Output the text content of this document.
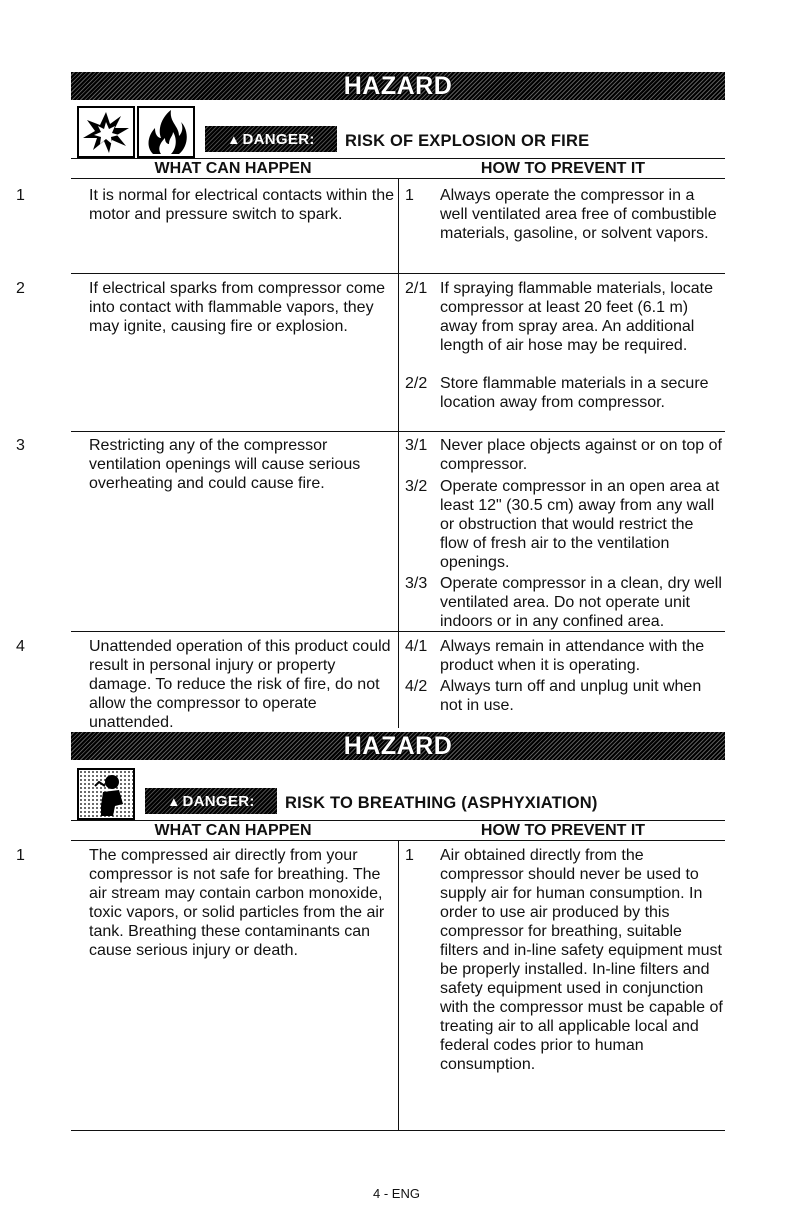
HAZARD
▲ DANGER: RISK OF EXPLOSION OR FIRE
WHAT CAN HAPPEN	HOW TO PREVENT IT
1	It is normal for electrical contacts within the motor and pressure switch to spark.
1 Always operate the compressor in a well ventilated area free of combustible materials, gasoline, or solvent vapors.
2	If electrical sparks from compressor come into contact with flammable vapors, they may ignite, causing fire or explosion.
2/1 If spraying flammable materials, locate compressor at least 20 feet (6.1 m) away from spray area. An additional length of air hose may be required.
2/2 Store flammable materials in a secure location away from compressor.
3	Restricting any of the compressor ventilation openings will cause serious overheating and could cause fire.
3/1 Never place objects against or on top of compressor.
3/2 Operate compressor in an open area at least 12" (30.5 cm) away from any wall or obstruction that would restrict the flow of fresh air to the ventilation openings.
3/3 Operate compressor in a clean, dry well ventilated area. Do not operate unit indoors or in any confined area.
4	Unattended operation of this product could result in personal injury or property damage. To reduce the risk of fire, do not allow the compressor to operate unattended.
4/1 Always remain in attendance with the product when it is operating.
4/2 Always turn off and unplug unit when not in use.
HAZARD
▲ DANGER: RISK TO BREATHING (ASPHYXIATION)
WHAT CAN HAPPEN	HOW TO PREVENT IT
1	The compressed air directly from your compressor is not safe for breathing. The air stream may contain carbon monoxide, toxic vapors, or solid particles from the air tank. Breathing these contaminants can cause serious injury or death.
1 Air obtained directly from the compressor should never be used to supply air for human consumption. In order to use air produced by this compressor for breathing, suitable filters and in-line safety equipment must be properly installed. In-line filters and safety equipment used in conjunction with the compressor must be capable of treating air to all applicable local and federal codes prior to human consumption.
4 - ENG
